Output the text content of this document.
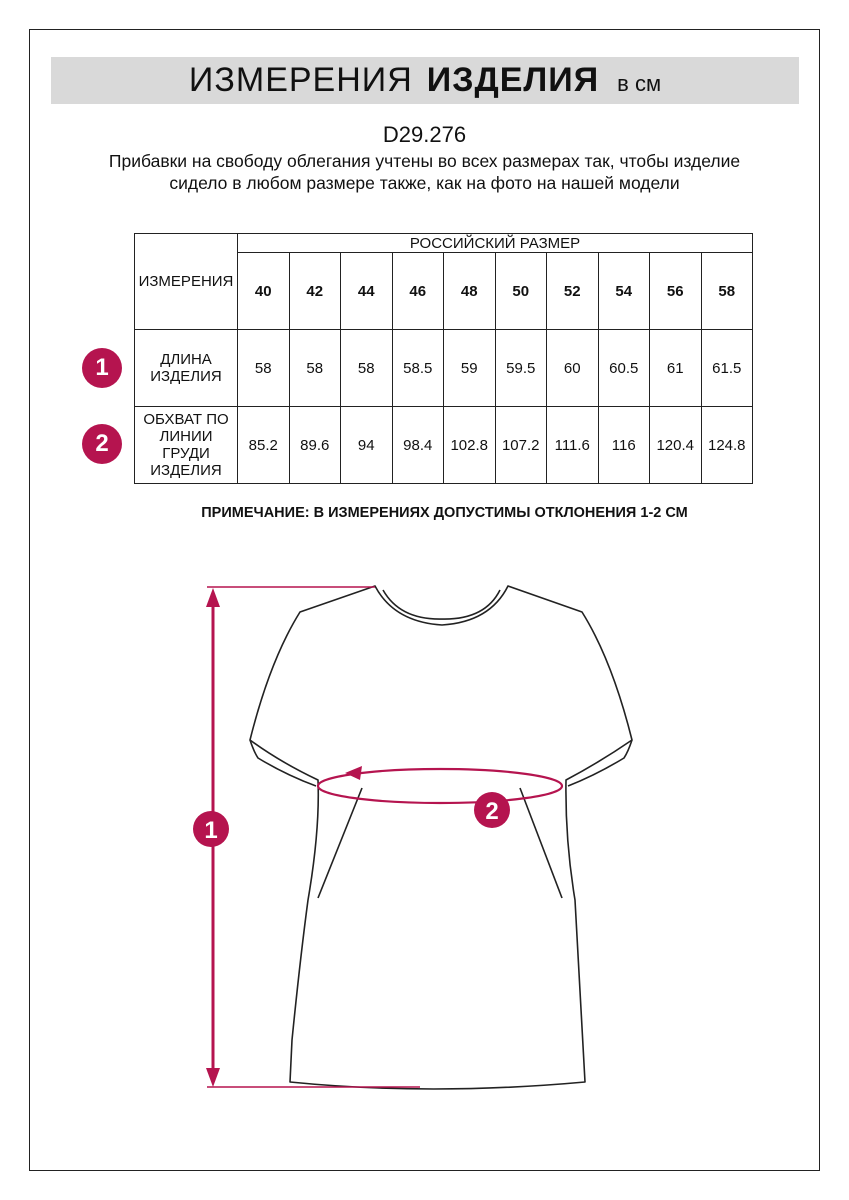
ИЗМЕРЕНИЯ ИЗДЕЛИЯ в см
D29.276
Прибавки на свободу облегания учтены во всех размерах так, чтобы изделие сидело в любом размере также, как на фото на нашей модели
ИЗМЕРЕНИЯ	РОССИЙСКИЙ РАЗМЕР									
	40	42	44	46	48	50	52	54	56	58
ДЛИНА ИЗДЕЛИЯ	58	58	58	58.5	59	59.5	60	60.5	61	61.5
ОБХВАТ ПО ЛИНИИ ГРУДИ ИЗДЕЛИЯ	85.2	89.6	94	98.4	102.8	107.2	111.6	116	120.4	124.8
1
2
ПРИМЕЧАНИЕ: В ИЗМЕРЕНИЯХ ДОПУСТИМЫ ОТКЛОНЕНИЯ 1-2 СМ
1
2
